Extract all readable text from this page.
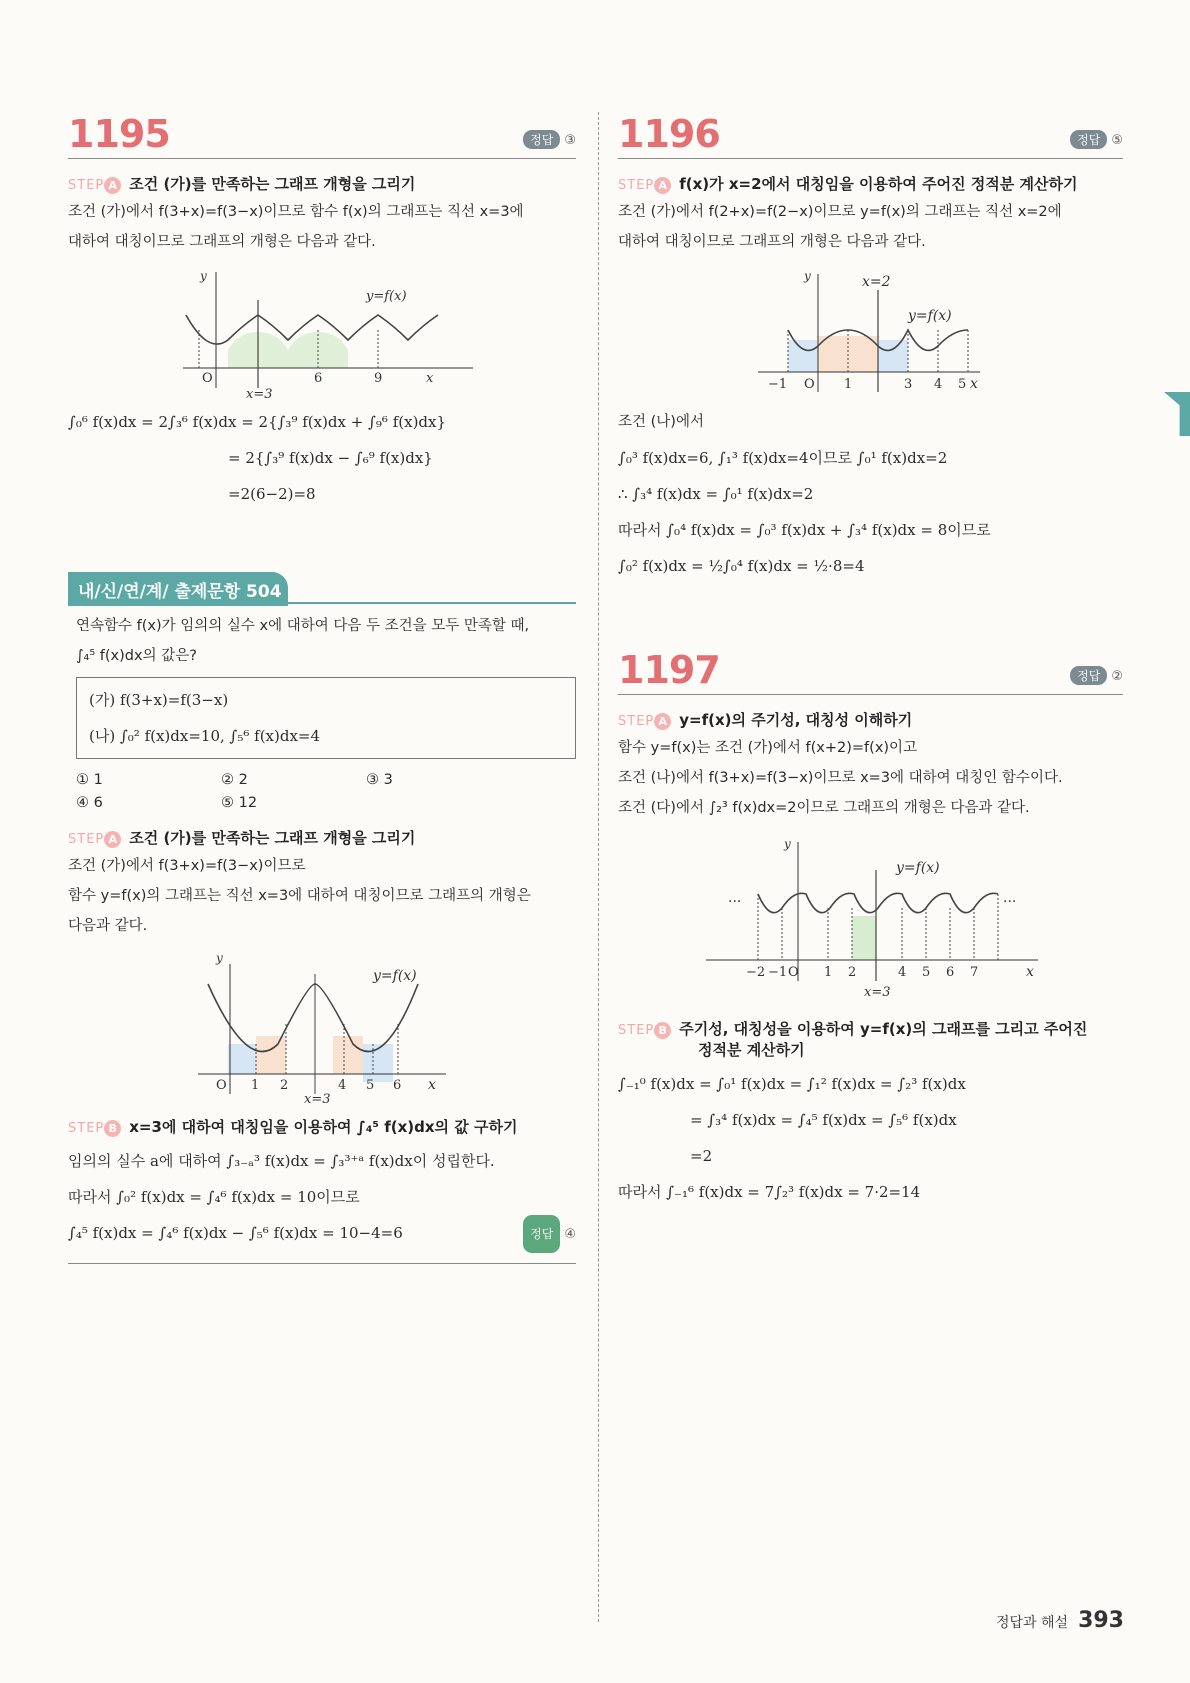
1195	정답 ③
STEP A 조건 (가)를 만족하는 그래프 개형을 그리기

조건 (가)에서 f(3+x)=f(3−x)이므로 함수 f(x)의 그래프는 직선 x=3에

대하여 대칭이므로 그래프의 개형은 다음과 같다.

y
y=f(x)
x
O	6	9
x=3
∫₀⁶ f(x)dx = 2∫₃⁶ f(x)dx = 2{∫₃⁹ f(x)dx + ∫₉⁶ f(x)dx}
= 2{∫₃⁹ f(x)dx − ∫₆⁹ f(x)dx}
=2(6−2)=8
내/신/연/계/ 출제문항 504

연속함수 f(x)가 임의의 실수 x에 대하여 다음 두 조건을 모두 만족할 때,

∫₄⁵ f(x)dx의 값은?

(가) f(3+x)=f(3−x)
(나) ∫₀² f(x)dx=10, ∫₅⁶ f(x)dx=4
① 1	② 2	③ 3
④ 6	⑤ 12
STEP A 조건 (가)를 만족하는 그래프 개형을 그리기

조건 (가)에서 f(3+x)=f(3−x)이므로

함수 y=f(x)의 그래프는 직선 x=3에 대하여 대칭이므로 그래프의 개형은

다음과 같다.

y
y=f(x)
x
O 1 2	4 5 6
x=3
STEP B x=3에 대하여 대칭임을 이용하여 ∫₄⁵ f(x)dx의 값 구하기
임의의 실수 a에 대하여 ∫₃₋ₐ³ f(x)dx = ∫₃³⁺ᵃ f(x)dx이 성립한다.
따라서 ∫₀² f(x)dx = ∫₄⁶ f(x)dx = 10이므로
∫₄⁵ f(x)dx = ∫₄⁶ f(x)dx − ∫₅⁶ f(x)dx = 10−4=6	정답 ④
1196	정답 ⑤
STEP A f(x)가 x=2에서 대칭임을 이용하여 주어진 정적분 계산하기

조건 (가)에서 f(2+x)=f(2−x)이므로 y=f(x)의 그래프는 직선 x=2에

대하여 대칭이므로 그래프의 개형은 다음과 같다.

y	x=2
y=f(x)
x
O
−1	1	3 4 5

조건 (나)에서

∫₀³ f(x)dx=6, ∫₁³ f(x)dx=4이므로 ∫₀¹ f(x)dx=2
∴ ∫₃⁴ f(x)dx = ∫₀¹ f(x)dx=2
따라서 ∫₀⁴ f(x)dx = ∫₀³ f(x)dx + ∫₃⁴ f(x)dx = 8이므로
∫₀² f(x)dx = ½∫₀⁴ f(x)dx = ½·8=4
1197	정답 ②
STEP A y=f(x)의 주기성, 대칭성 이해하기

함수 y=f(x)는 조건 (가)에서 f(x+2)=f(x)이고

조건 (나)에서 f(3+x)=f(3−x)이므로 x=3에 대하여 대칭인 함수이다.

조건 (다)에서 ∫₂³ f(x)dx=2이므로 그래프의 개형은 다음과 같다.

y
y=f(x)
···	···
x
O
−2 −1	1 2	4 5 6 7
x=3
STEP B 주기성, 대칭성을 이용하여 y=f(x)의 그래프를 그리고 주어진
정적분 계산하기
∫₋₁⁰ f(x)dx = ∫₀¹ f(x)dx = ∫₁² f(x)dx = ∫₂³ f(x)dx
= ∫₃⁴ f(x)dx = ∫₄⁵ f(x)dx = ∫₅⁶ f(x)dx
=2
따라서 ∫₋₁⁶ f(x)dx = 7∫₂³ f(x)dx = 7·2=14
정답과 해설 393
